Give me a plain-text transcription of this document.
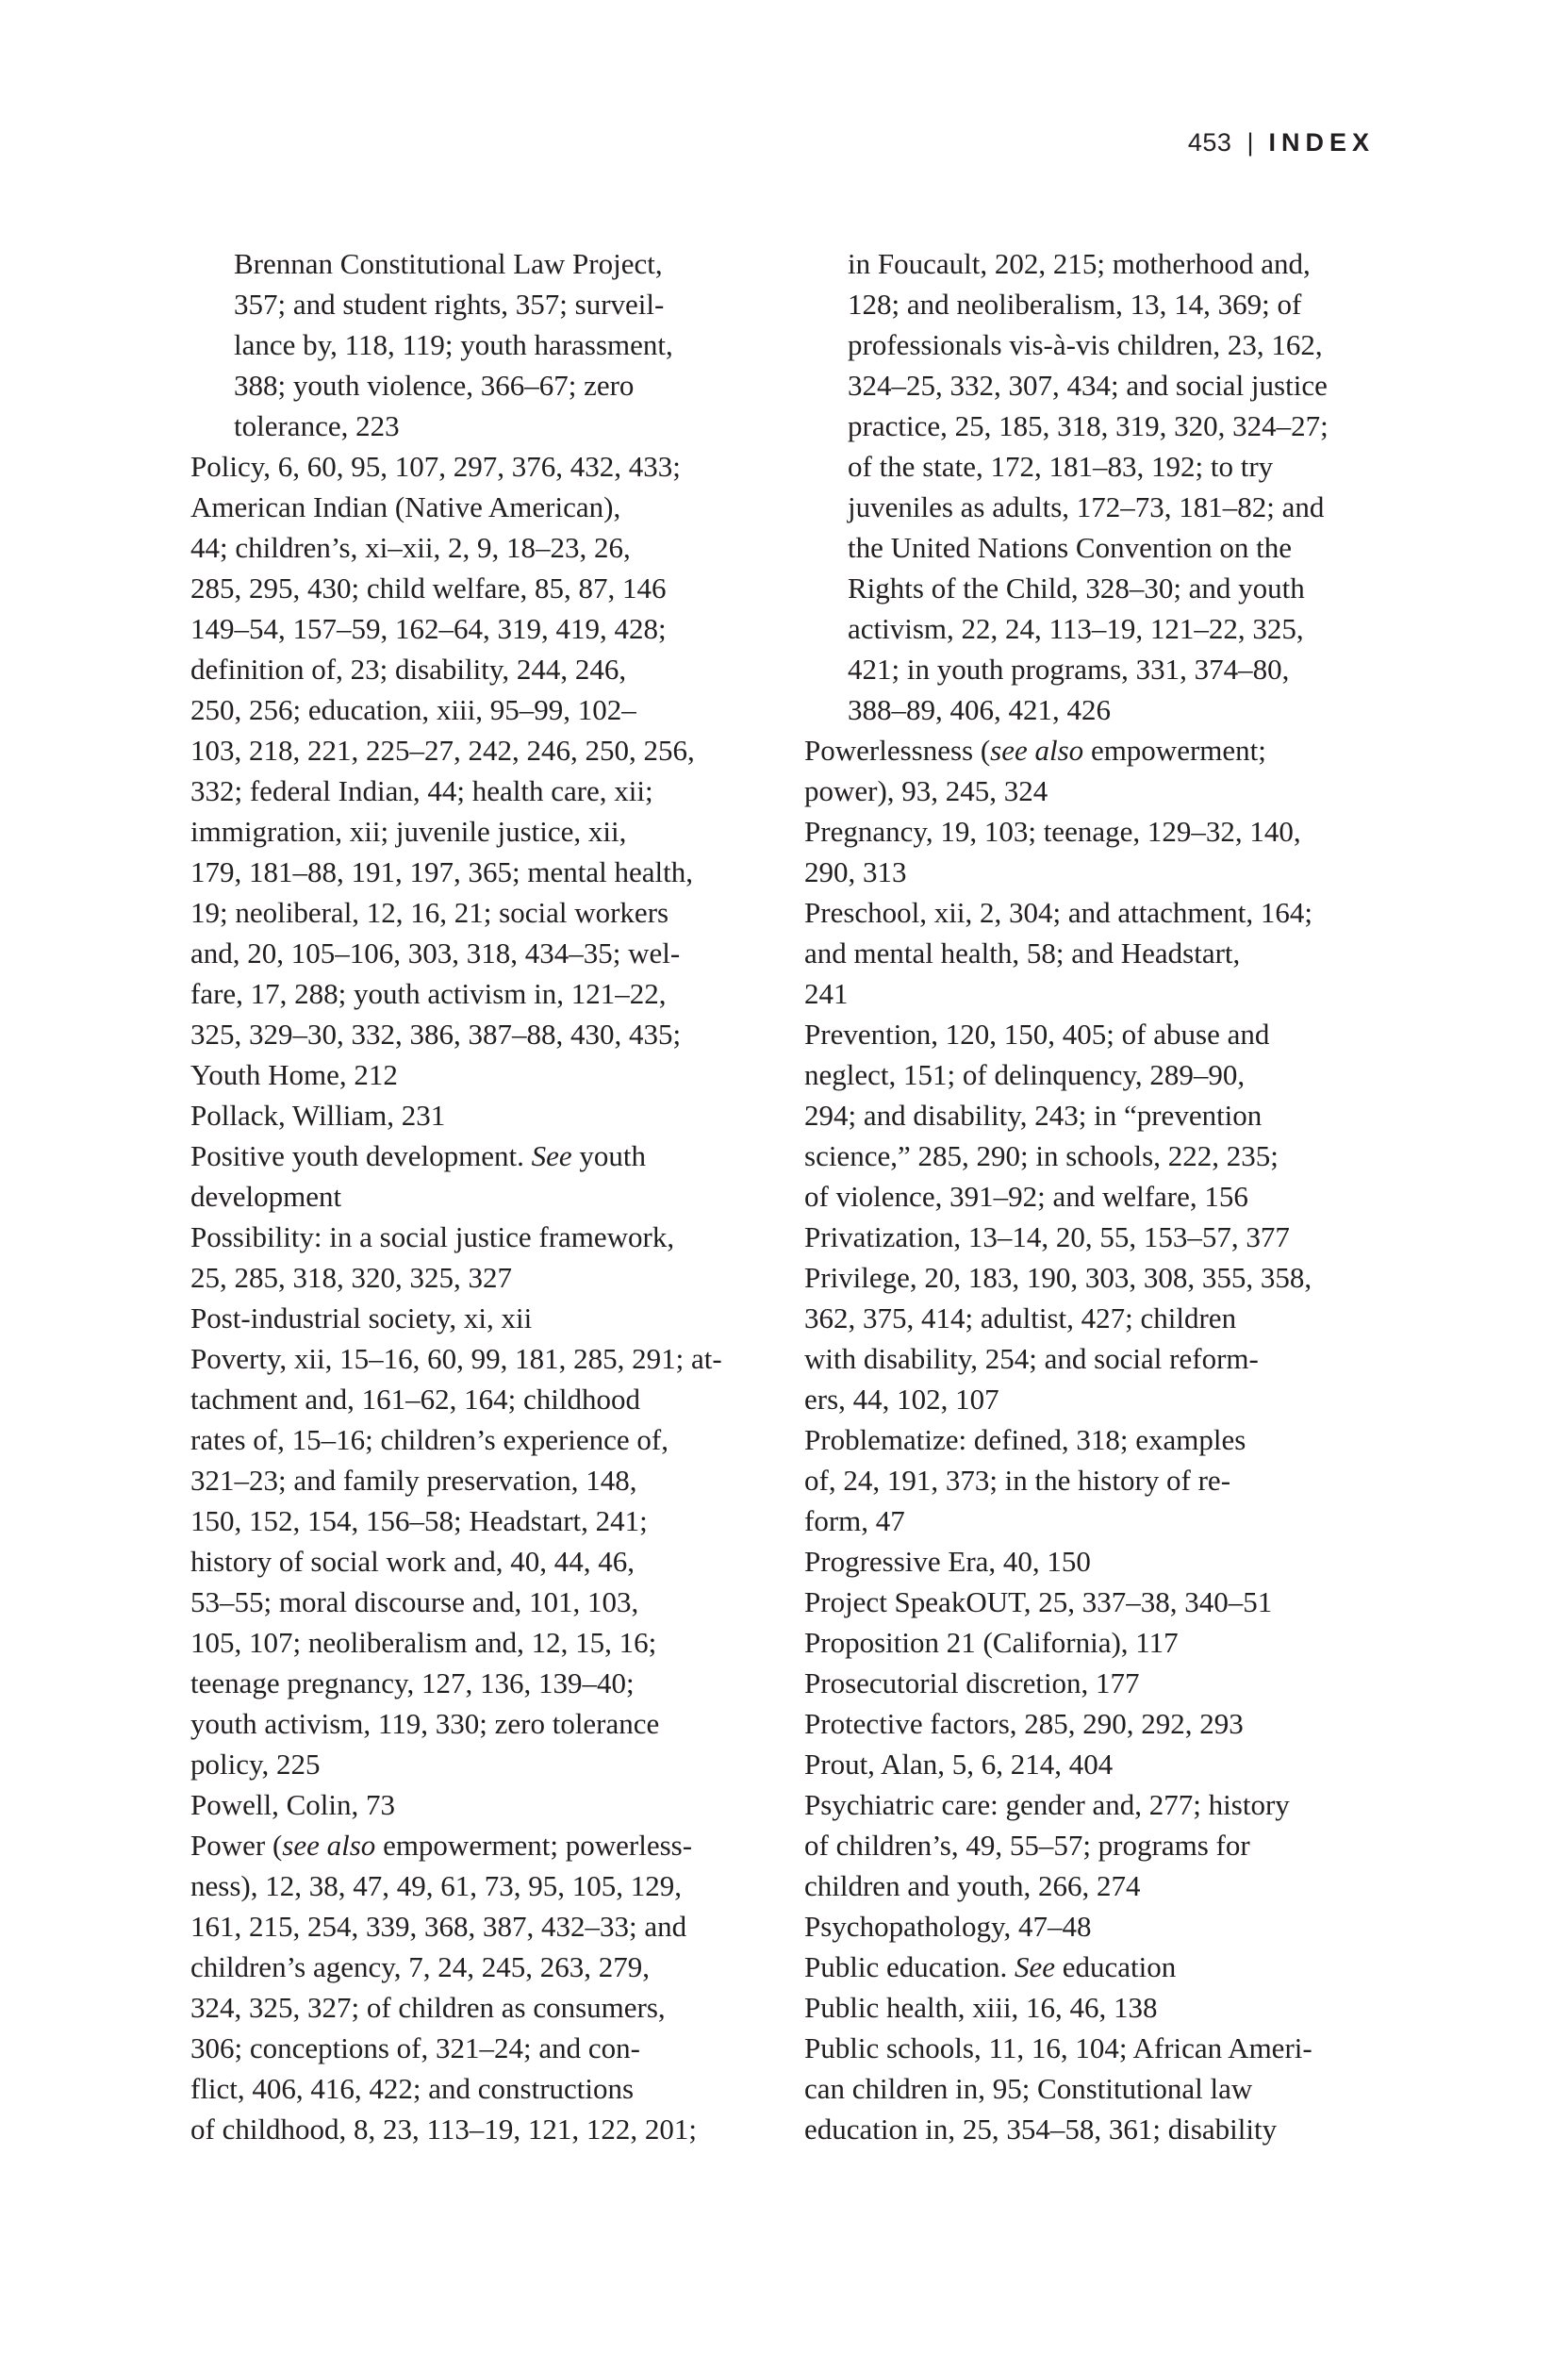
453 | INDEX

Brennan Constitutional Law Project,
357; and student rights, 357; surveil-
lance by, 118, 119; youth harassment,
388; youth violence, 366–67; zero
tolerance, 223

Policy, 6, 60, 95, 107, 297, 376, 432, 433;
American Indian (Native American),
44; children’s, xi–xii, 2, 9, 18–23, 26,
285, 295, 430; child welfare, 85, 87, 146
149–54, 157–59, 162–64, 319, 419, 428;
definition of, 23; disability, 244, 246,
250, 256; education, xiii, 95–99, 102–
103, 218, 221, 225–27, 242, 246, 250, 256,
332; federal Indian, 44; health care, xii;
immigration, xii; juvenile justice, xii,
179, 181–88, 191, 197, 365; mental health,
19; neoliberal, 12, 16, 21; social workers
and, 20, 105–106, 303, 318, 434–35; wel-
fare, 17, 288; youth activism in, 121–22,
325, 329–30, 332, 386, 387–88, 430, 435;
Youth Home, 212

Pollack, William, 231

Positive youth development. See youth
development

Possibility: in a social justice framework,
25, 285, 318, 320, 325, 327

Post-industrial society, xi, xii

Poverty, xii, 15–16, 60, 99, 181, 285, 291; at-
tachment and, 161–62, 164; childhood
rates of, 15–16; children’s experience of,
321–23; and family preservation, 148,
150, 152, 154, 156–58; Headstart, 241;
history of social work and, 40, 44, 46,
53–55; moral discourse and, 101, 103,
105, 107; neoliberalism and, 12, 15, 16;
teenage pregnancy, 127, 136, 139–40;
youth activism, 119, 330; zero tolerance
policy, 225

Powell, Colin, 73

Power (see also empowerment; powerless-
ness), 12, 38, 47, 49, 61, 73, 95, 105, 129,
161, 215, 254, 339, 368, 387, 432–33; and
children’s agency, 7, 24, 245, 263, 279,
324, 325, 327; of children as consumers,
306; conceptions of, 321–24; and con-
flict, 406, 416, 422; and constructions
of childhood, 8, 23, 113–19, 121, 122, 201;

in Foucault, 202, 215; motherhood and,
128; and neoliberalism, 13, 14, 369; of
professionals vis-à-vis children, 23, 162,
324–25, 332, 307, 434; and social justice
practice, 25, 185, 318, 319, 320, 324–27;
of the state, 172, 181–83, 192; to try
juveniles as adults, 172–73, 181–82; and
the United Nations Convention on the
Rights of the Child, 328–30; and youth
activism, 22, 24, 113–19, 121–22, 325,
421; in youth programs, 331, 374–80,
388–89, 406, 421, 426

Powerlessness (see also empowerment;
power), 93, 245, 324

Pregnancy, 19, 103; teenage, 129–32, 140,
290, 313

Preschool, xii, 2, 304; and attachment, 164;
and mental health, 58; and Headstart,
241

Prevention, 120, 150, 405; of abuse and
neglect, 151; of delinquency, 289–90,
294; and disability, 243; in “prevention
science,” 285, 290; in schools, 222, 235;
of violence, 391–92; and welfare, 156

Privatization, 13–14, 20, 55, 153–57, 377

Privilege, 20, 183, 190, 303, 308, 355, 358,
362, 375, 414; adultist, 427; children
with disability, 254; and social reform-
ers, 44, 102, 107

Problematize: defined, 318; examples
of, 24, 191, 373; in the history of re-
form, 47

Progressive Era, 40, 150

Project SpeakOUT, 25, 337–38, 340–51

Proposition 21 (California), 117

Prosecutorial discretion, 177

Protective factors, 285, 290, 292, 293

Prout, Alan, 5, 6, 214, 404

Psychiatric care: gender and, 277; history
of children’s, 49, 55–57; programs for
children and youth, 266, 274

Psychopathology, 47–48

Public education. See education

Public health, xiii, 16, 46, 138

Public schools, 11, 16, 104; African Ameri-
can children in, 95; Constitutional law
education in, 25, 354–58, 361; disability
